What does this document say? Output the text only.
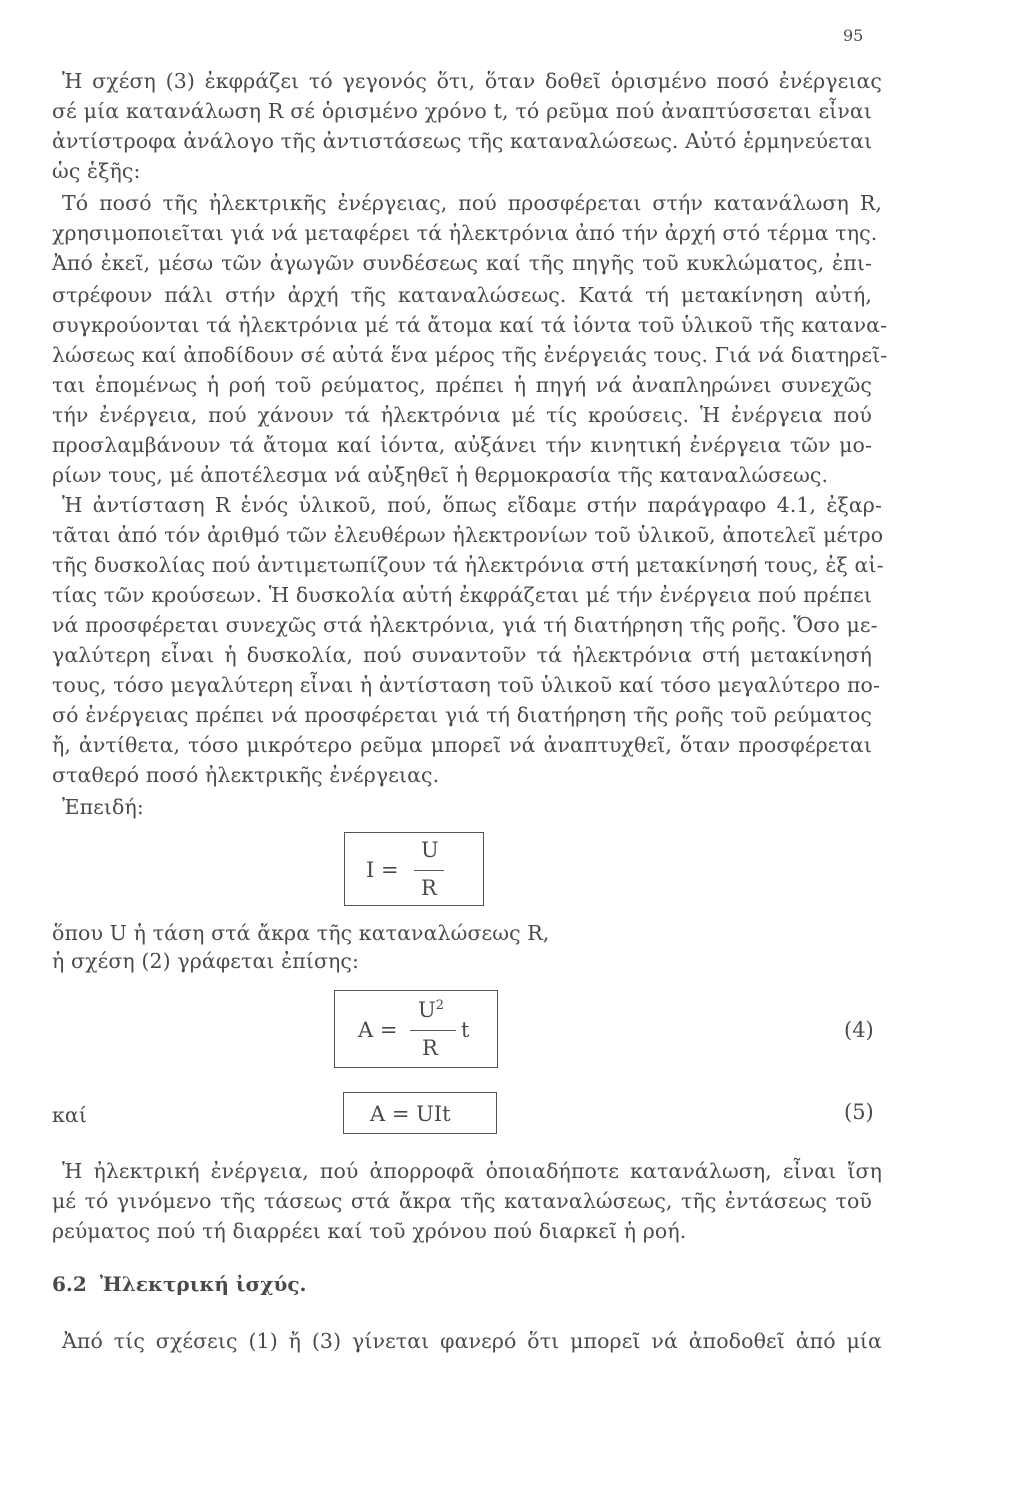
95
Ἡ σχέση (3) ἐκφράζει τό γεγονός ὅτι, ὅταν δοθεῖ ὁρισμένο ποσό ἐνέργειας
σέ μία κατανάλωση R σέ ὁρισμένο χρόνο t, τό ρεῦμα πού ἀναπτύσσεται εἶναι
ἀντίστροφα ἀνάλογο τῆς ἀντιστάσεως τῆς καταναλώσεως. Αὐτό ἑρμηνεύεται
ὡς ἑξῆς:
Τό ποσό τῆς ἠλεκτρικῆς ἐνέργειας, πού προσφέρεται στήν κατανάλωση R,
χρησιμοποιεῖται γιά νά μεταφέρει τά ἠλεκτρόνια ἀπό τήν ἀρχή στό τέρμα της.
Ἀπό ἐκεῖ, μέσω τῶν ἀγωγῶν συνδέσεως καί τῆς πηγῆς τοῦ κυκλώματος, ἐπι-
στρέφουν πάλι στήν ἀρχή τῆς καταναλώσεως. Κατά τή μετακίνηση αὐτή,
συγκρούονται τά ἠλεκτρόνια μέ τά ἄτομα καί τά ἰόντα τοῦ ὑλικοῦ τῆς κατανα-
λώσεως καί ἀποδίδουν σέ αὐτά ἕνα μέρος τῆς ἐνέργειάς τους. Γιά νά διατηρεῖ-
ται ἑπομένως ἡ ροή τοῦ ρεύματος, πρέπει ἡ πηγή νά ἀναπληρώνει συνεχῶς
τήν ἐνέργεια, πού χάνουν τά ἠλεκτρόνια μέ τίς κρούσεις. Ἡ ἐνέργεια πού
προσλαμβάνουν τά ἄτομα καί ἰόντα, αὐξάνει τήν κινητική ἐνέργεια τῶν μο-
ρίων τους, μέ ἀποτέλεσμα νά αὐξηθεῖ ἡ θερμοκρασία τῆς καταναλώσεως.
Ἡ ἀντίσταση R ἑνός ὑλικοῦ, πού, ὅπως εἴδαμε στήν παράγραφο 4.1, ἐξαρ-
τᾶται ἀπό τόν ἀριθμό τῶν ἐλευθέρων ἠλεκτρονίων τοῦ ὑλικοῦ, ἀποτελεῖ μέτρο
τῆς δυσκολίας πού ἀντιμετωπίζουν τά ἠλεκτρόνια στή μετακίνησή τους, ἐξ αἰ-
τίας τῶν κρούσεων. Ἡ δυσκολία αὐτή ἐκφράζεται μέ τήν ἐνέργεια πού πρέπει
νά προσφέρεται συνεχῶς στά ἠλεκτρόνια, γιά τή διατήρηση τῆς ροῆς. Ὅσο με-
γαλύτερη εἶναι ἡ δυσκολία, πού συναντοῦν τά ἠλεκτρόνια στή μετακίνησή
τους, τόσο μεγαλύτερη εἶναι ἡ ἀντίσταση τοῦ ὑλικοῦ καί τόσο μεγαλύτερο πο-
σό ἐνέργειας πρέπει νά προσφέρεται γιά τή διατήρηση τῆς ροῆς τοῦ ρεύματος
ἤ, ἀντίθετα, τόσο μικρότερο ρεῦμα μπορεῖ νά ἀναπτυχθεῖ, ὅταν προσφέρεται
σταθερό ποσό ἠλεκτρικῆς ἐνέργειας.
Ἐπειδή:
I =
U
R
ὅπου U ἡ τάση στά ἄκρα τῆς καταναλώσεως R,
ἡ σχέση (2) γράφεται ἐπίσης:
A =
$U^2$
R
t	(4)
καί	A = UIt	(5)
Ἡ ἠλεκτρική ἐνέργεια, πού ἀπορροφᾶ ὁποιαδήποτε κατανάλωση, εἶναι ἴση
μέ τό γινόμενο τῆς τάσεως στά ἄκρα τῆς καταναλώσεως, τῆς ἐντάσεως τοῦ
ρεύματος πού τή διαρρέει καί τοῦ χρόνου πού διαρκεῖ ἡ ροή.
6.2 Ἠλεκτρική ἰσχύς.
Ἀπό τίς σχέσεις (1) ἤ (3) γίνεται φανερό ὅτι μπορεῖ νά ἀποδοθεῖ ἀπό μία
